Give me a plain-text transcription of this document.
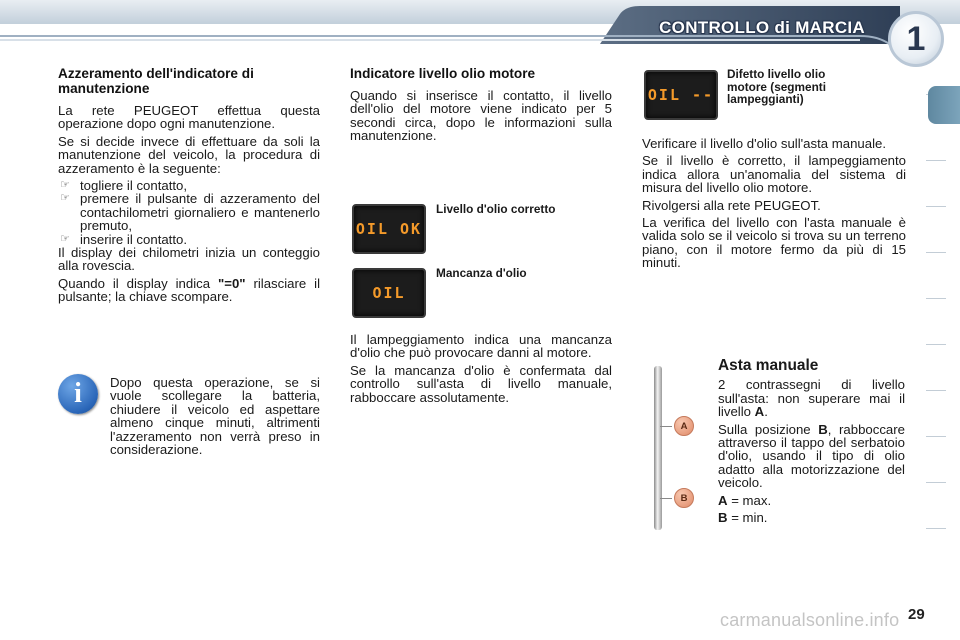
CONTROLLO di MARCIA	1
Azzeramento dell'indicatore di manutenzione

La rete PEUGEOT effettua questa operazione dopo ogni manutenzione.

Se si decide invece di effettuare da soli la manutenzione del veicolo, la procedura di azzeramento è la seguente:

☞ togliere il contatto,
☞ premere il pulsante di azzeramento del contachilometri giornaliero e mantenerlo premuto,
☞ inserire il contatto.

Il display dei chilometri inizia un conteggio alla rovescia.

Quando il display indica "=0" rilasciare il pulsante; la chiave scompare.

i	Dopo questa operazione, se si vuole scollegare la batteria, chiudere il veicolo ed aspettare almeno cinque minuti, altrimenti l'azzeramento non verrà preso in considerazione.
Indicatore livello olio motore

Quando si inserisce il contatto, il livello dell'olio del motore viene indicato per 5 secondi circa, dopo le informazioni sulla manutenzione.

OIL OK
Livello d'olio corretto
OIL
Mancanza d'olio

Il lampeggiamento indica una mancanza d'olio che può provocare danni al motore.

Se la mancanza d'olio è confermata dal controllo sull'asta di livello manuale, rabboccare assolutamente.

OIL --
Difetto livello olio motore (segmenti lampeggianti)

Verificare il livello d'olio sull'asta manuale.

Se il livello è corretto, il lampeggiamento indica allora un'anomalia del sistema di misura del livello olio motore.

Rivolgersi alla rete PEUGEOT.

La verifica del livello con l'asta manuale è valida solo se il veicolo si trova su un terreno piano, con il motore fermo da più di 15 minuti.

A
B
Asta manuale

2 contrassegni di livello sull'asta: non superare mai il livello A.

Sulla posizione B, rabboccare attraverso il tappo del serbatoio d'olio, usando il tipo di olio adatto alla motorizzazione del veicolo.

A = max.

B = min.

carmanualsonline.info 29
